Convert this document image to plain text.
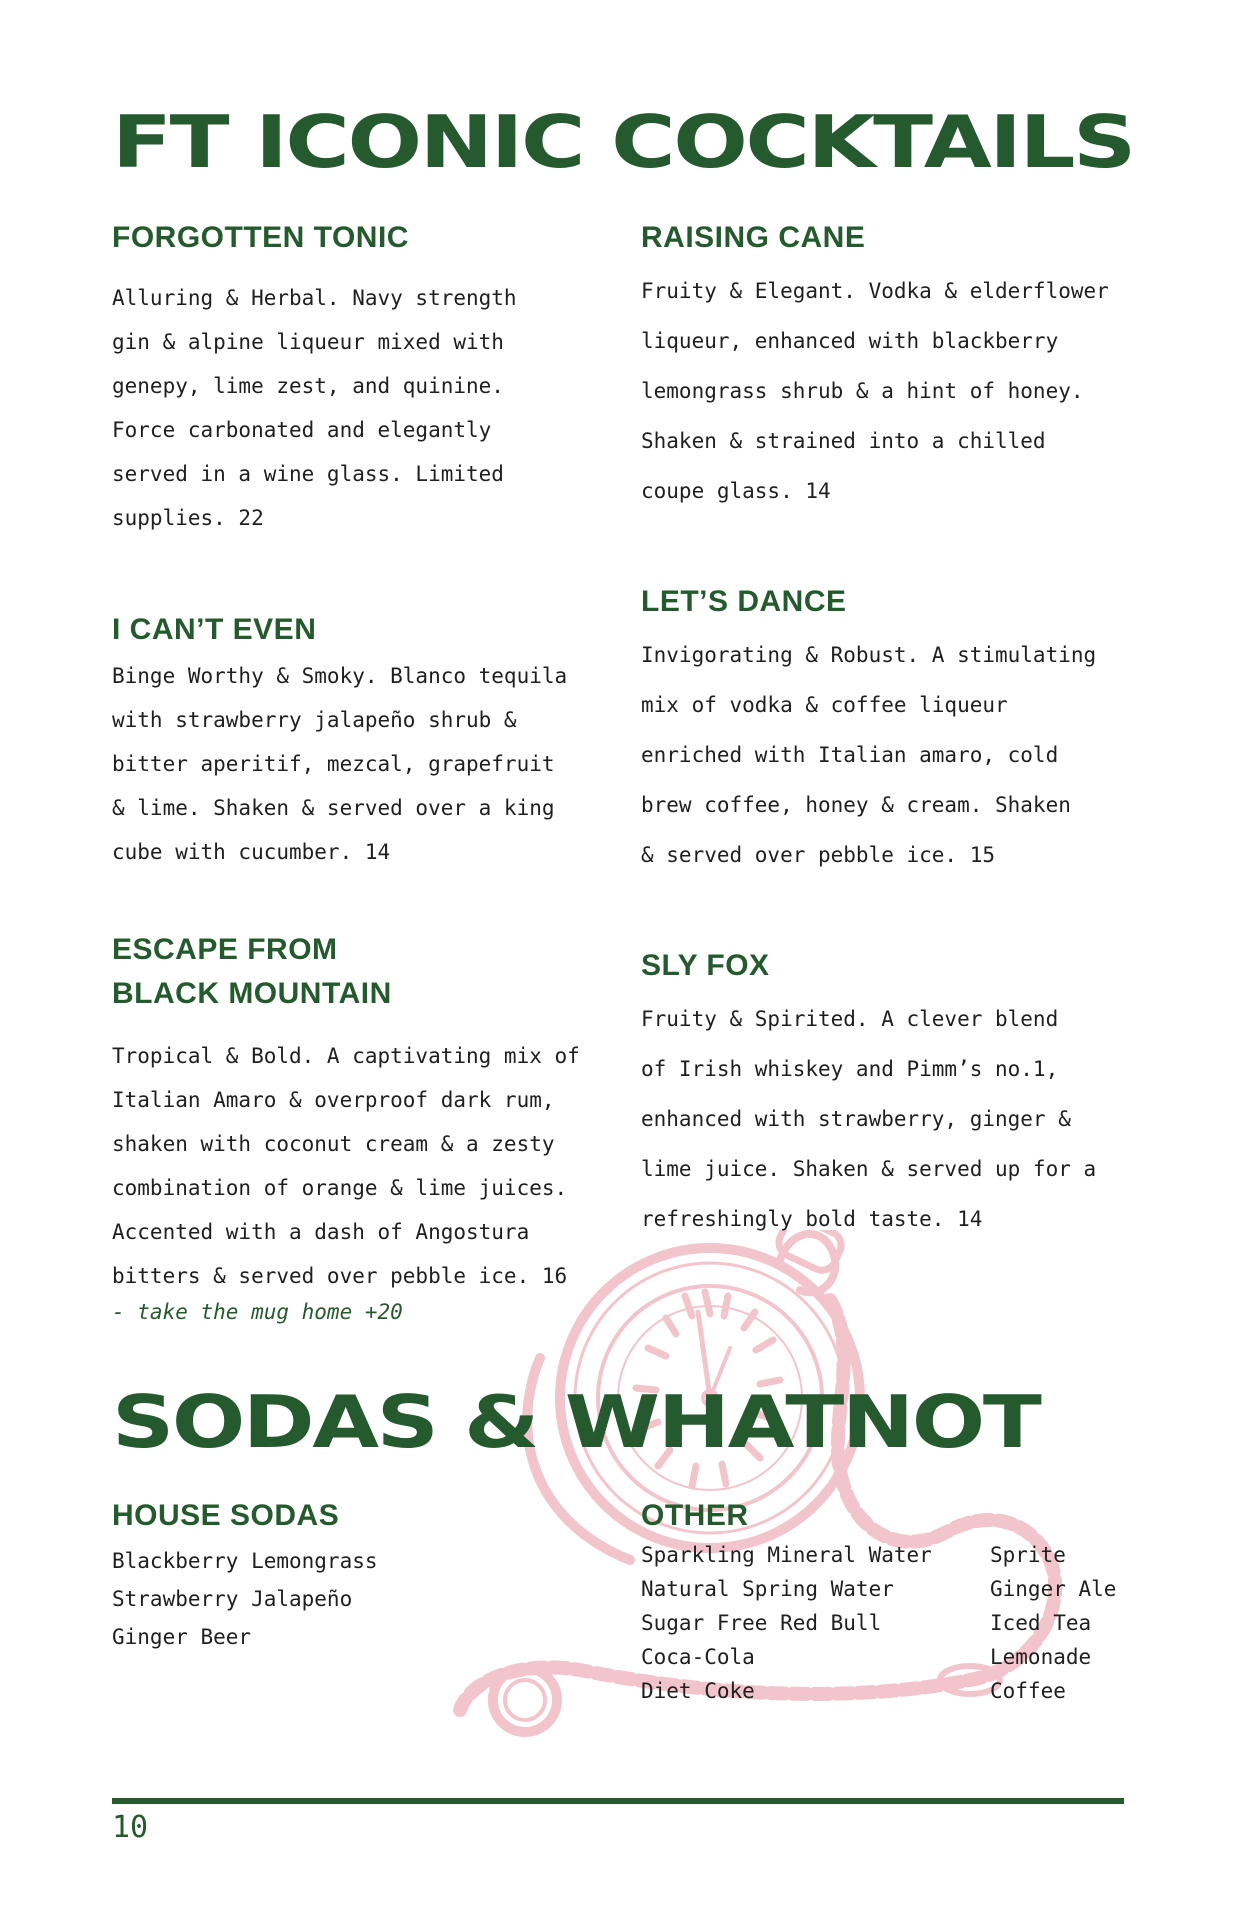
FT ICONIC COCKTAILS
FORGOTTEN TONIC

Alluring & Herbal. Navy strength
gin & alpine liqueur mixed with
genepy, lime zest, and quinine.
Force carbonated and elegantly
served in a wine glass. Limited
supplies. 22

RAISING CANE

Fruity & Elegant. Vodka & elderflower
liqueur, enhanced with blackberry
lemongrass shrub & a hint of honey.
Shaken & strained into a chilled
coupe glass. 14

I CAN’T EVEN

Binge Worthy & Smoky. Blanco tequila
with strawberry jalapeño shrub &
bitter aperitif, mezcal, grapefruit
& lime. Shaken & served over a king
cube with cucumber. 14

LET’S DANCE

Invigorating & Robust. A stimulating
mix of vodka & coffee liqueur
enriched with Italian amaro, cold
brew coffee, honey & cream. Shaken
& served over pebble ice. 15

ESCAPE FROM
BLACK MOUNTAIN

Tropical & Bold. A captivating mix of
Italian Amaro & overproof dark rum,
shaken with coconut cream & a zesty
combination of orange & lime juices.
Accented with a dash of Angostura
bitters & served over pebble ice. 16

- take the mug home +20

SLY FOX

Fruity & Spirited. A clever blend
of Irish whiskey and Pimm’s no.1,
enhanced with strawberry, ginger &
lime juice. Shaken & served up for a
refreshingly bold taste. 14

SODAS & WHATNOT
HOUSE SODAS
Blackberry Lemongrass
Strawberry Jalapeño
Ginger Beer
OTHER
Sparkling Mineral Water
Natural Spring Water
Sugar Free Red Bull
Coca-Cola
Diet Coke
Sprite
Ginger Ale
Iced Tea
Lemonade
Coffee
10
